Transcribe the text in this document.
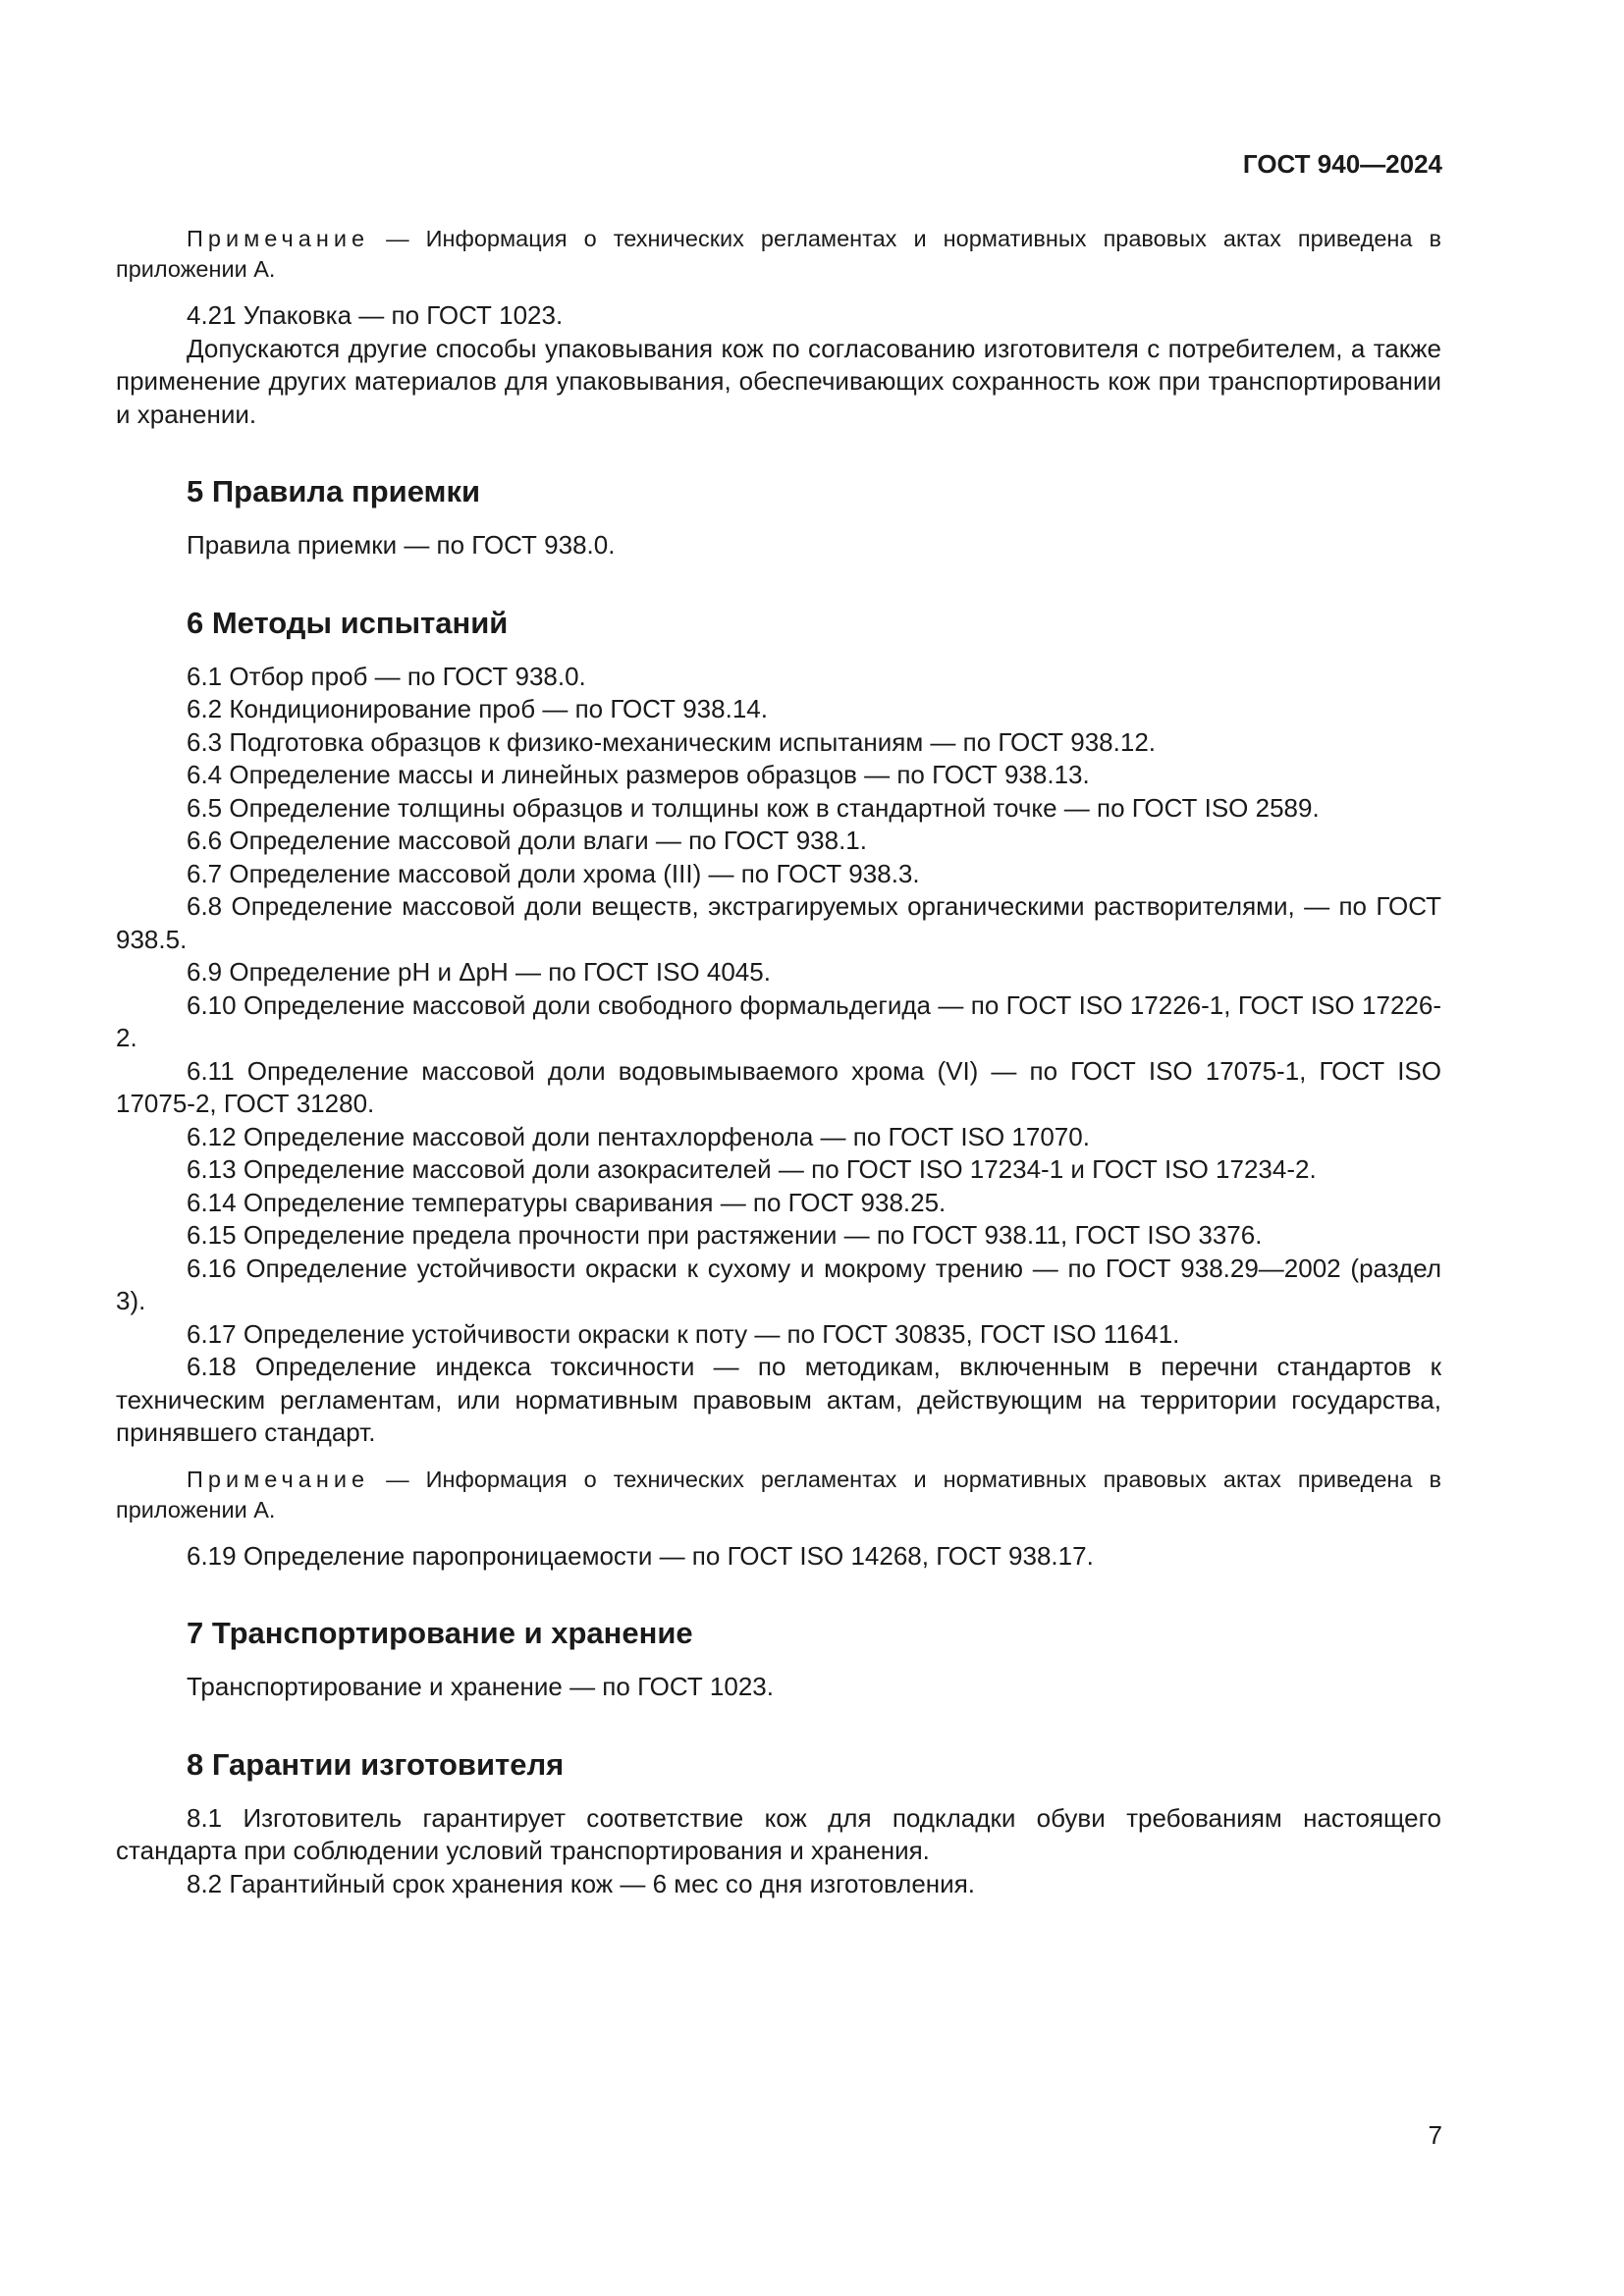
ГОСТ 940—2024

Примечание — Информация о технических регламентах и нормативных правовых актах приведена в приложении А.

4.21 Упаковка — по ГОСТ 1023.

Допускаются другие способы упаковывания кож по согласованию изготовителя с потребителем, а также применение других материалов для упаковывания, обеспечивающих сохранность кож при транспортировании и хранении.

5 Правила приемки

Правила приемки — по ГОСТ 938.0.

6 Методы испытаний

6.1 Отбор проб — по ГОСТ 938.0.

6.2 Кондиционирование проб — по ГОСТ 938.14.

6.3 Подготовка образцов к физико-механическим испытаниям — по ГОСТ 938.12.

6.4 Определение массы и линейных размеров образцов — по ГОСТ 938.13.

6.5 Определение толщины образцов и толщины кож в стандартной точке — по ГОСТ ISO 2589.

6.6 Определение массовой доли влаги — по ГОСТ 938.1.

6.7 Определение массовой доли хрома (III) — по ГОСТ 938.3.

6.8 Определение массовой доли веществ, экстрагируемых органическими растворителями, — по ГОСТ 938.5.

6.9 Определение pH и ΔpH — по ГОСТ ISO 4045.

6.10 Определение массовой доли свободного формальдегида — по ГОСТ ISO 17226-1, ГОСТ ISO 17226-2.

6.11 Определение массовой доли водовымываемого хрома (VI) — по ГОСТ ISO 17075-1, ГОСТ ISO 17075-2, ГОСТ 31280.

6.12 Определение массовой доли пентахлорфенола — по ГОСТ ISO 17070.

6.13 Определение массовой доли азокрасителей — по ГОСТ ISO 17234-1 и ГОСТ ISO 17234-2.

6.14 Определение температуры сваривания — по ГОСТ 938.25.

6.15 Определение предела прочности при растяжении — по ГОСТ 938.11, ГОСТ ISO 3376.

6.16 Определение устойчивости окраски к сухому и мокрому трению — по ГОСТ 938.29—2002 (раздел 3).

6.17 Определение устойчивости окраски к поту — по ГОСТ 30835, ГОСТ ISO 11641.

6.18 Определение индекса токсичности — по методикам, включенным в перечни стандартов к техническим регламентам, или нормативным правовым актам, действующим на территории государства, принявшего стандарт.

Примечание — Информация о технических регламентах и нормативных правовых актах приведена в приложении А.

6.19 Определение паропроницаемости — по ГОСТ ISO 14268, ГОСТ 938.17.

7 Транспортирование и хранение

Транспортирование и хранение — по ГОСТ 1023.

8 Гарантии изготовителя

8.1 Изготовитель гарантирует соответствие кож для подкладки обуви требованиям настоящего стандарта при соблюдении условий транспортирования и хранения.

8.2 Гарантийный срок хранения кож — 6 мес со дня изготовления.

7
